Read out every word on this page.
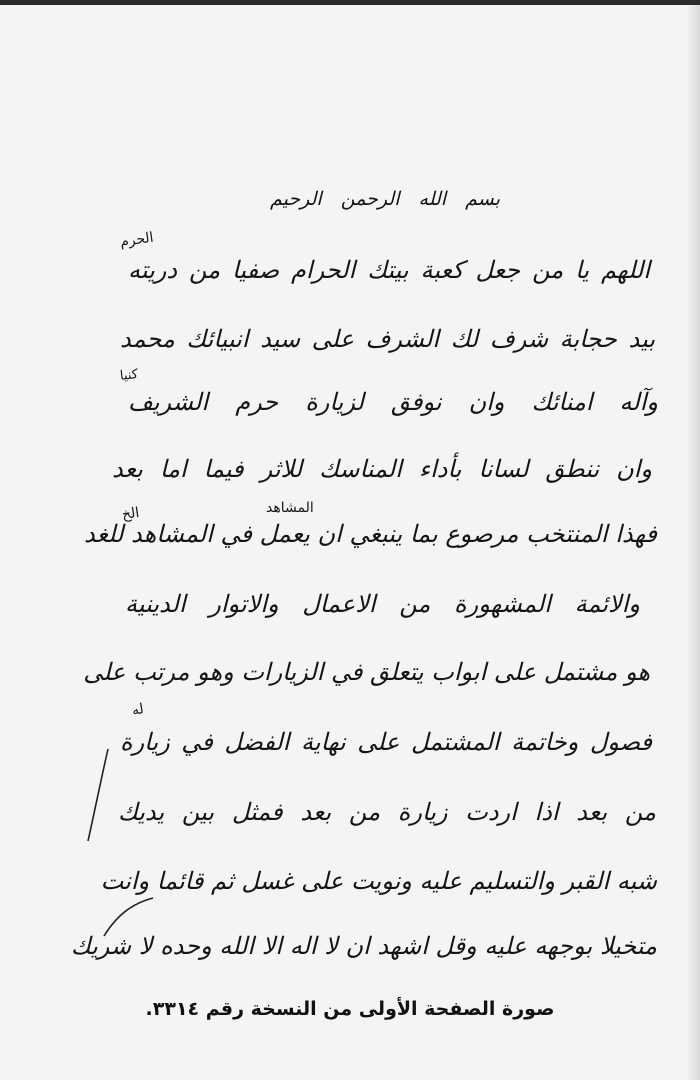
بسم الله الرحمن الرحيم

اللهم يا من جعل كعبة بيتك الحرام صفيا من دريته

بيد حجابة شرف لك الشرف على سيد انبيائك محمد

وآله امنائك وان نوفق لزيارة حرم الشريف

وان ننطق لسانا بأداء المناسك للاثر فيما اما بعد

فهذا المنتخب مرصوع بما ينبغي ان يعمل في المشاهد للغد

والائمة المشهورة من الاعمال والاتوار الدينية

هو مشتمل على ابواب يتعلق في الزيارات وهو مرتب على

فصول وخاتمة المشتمل على نهاية الفضل في زيارة

من بعد اذا اردت زيارة من بعد فمثل بين يديك

شبه القبر والتسليم عليه ونويت على غسل ثم قائما وانت

متخيلا بوجهه عليه وقل اشهد ان لا اله الا الله وحده لا شريك

الحرم

كنيا

المشاهد

الخ

له

صورة الصفحة الأولى من النسخة رقم ٣٣١٤.
